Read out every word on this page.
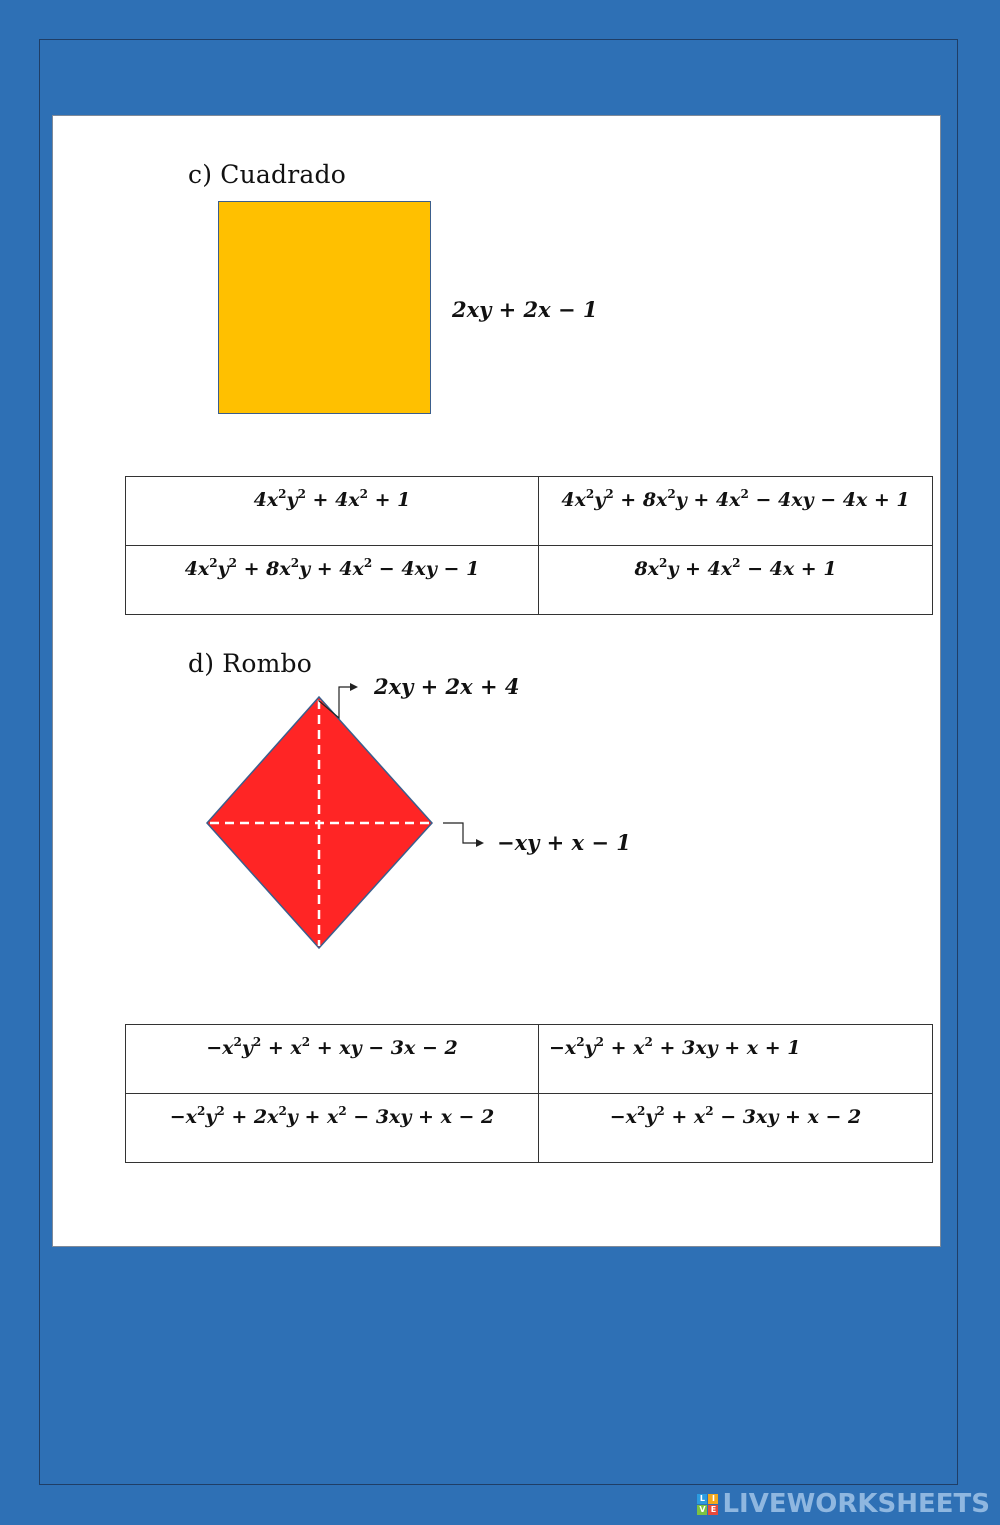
c) Cuadrado
2xy + 2x − 1
$4x^2y^2 + 4x^2 + 1$	$4x^2y^2 + 8x^2y + 4x^2 - 4xy - 4x + 1$
$4x^2y^2 + 8x^2y + 4x^2 - 4xy - 1$	$8x^2y + 4x^2 - 4x + 1$
d) Rombo
2xy + 2x + 4
−xy + x − 1
$-x^2y^2 + x^2$ + xy − 3x − 2	$-x^2y^2 + x^2 + 3xy + x + 1$
$-x^2y^2 + 2x^2y + x^2 - 3xy + x - 2$	$-x^2y^2 + x^2 - 3xy + x - 2$
L I
V E LIVEWORKSHEETS
